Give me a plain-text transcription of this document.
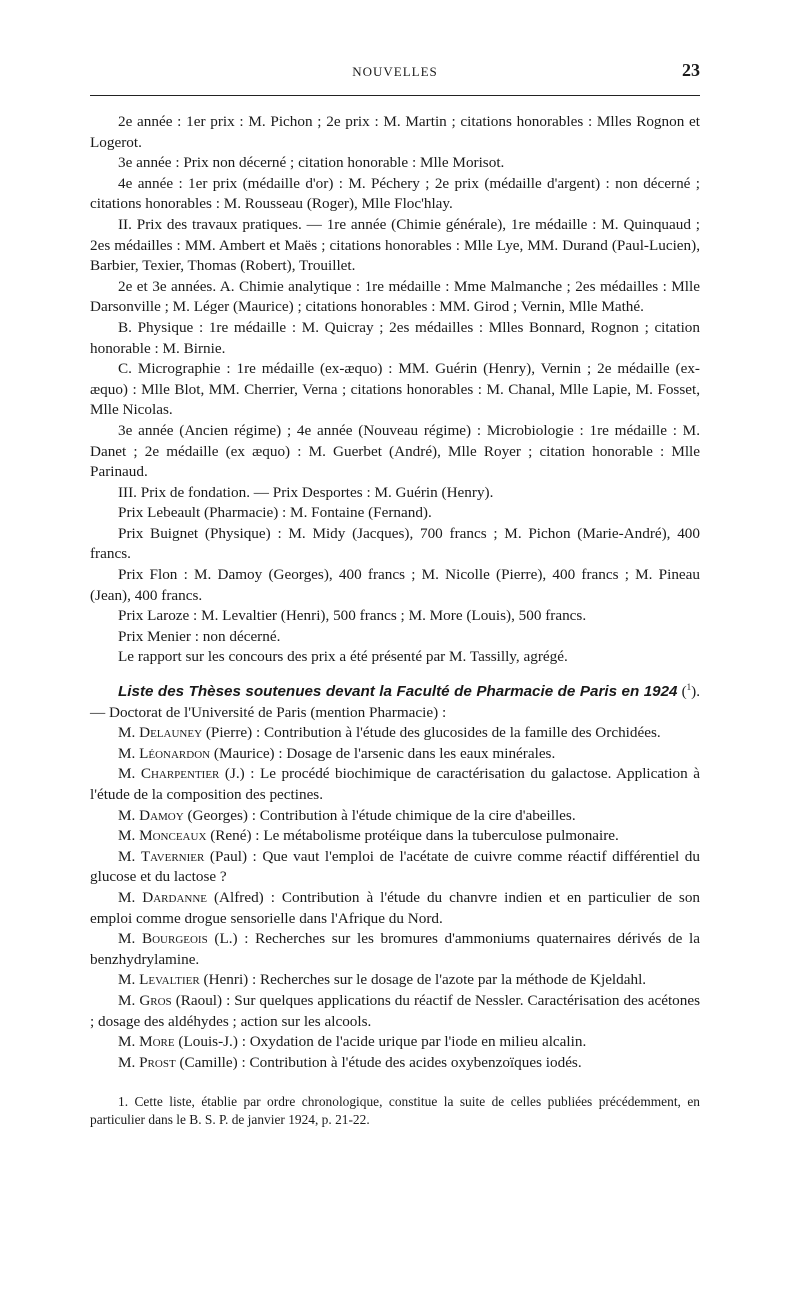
NOUVELLES	23

2e année : 1er prix : M. Pichon ; 2e prix : M. Martin ; citations honorables : Mlles Rognon et Logerot.

3e année : Prix non décerné ; citation honorable : Mlle Morisot.

4e année : 1er prix (médaille d'or) : M. Péchery ; 2e prix (médaille d'argent) : non décerné ; citations honorables : M. Rousseau (Roger), Mlle Floc'hlay.

II. Prix des travaux pratiques. — 1re année (Chimie générale), 1re médaille : M. Quinquaud ; 2es médailles : MM. Ambert et Maës ; citations honorables : Mlle Lye, MM. Durand (Paul-Lucien), Barbier, Texier, Thomas (Robert), Trouillet.

2e et 3e années. A. Chimie analytique : 1re médaille : Mme Malmanche ; 2es médailles : Mlle Darsonville ; M. Léger (Maurice) ; citations honorables : MM. Girod ; Vernin, Mlle Mathé.

B. Physique : 1re médaille : M. Quicray ; 2es médailles : Mlles Bonnard, Rognon ; citation honorable : M. Birnie.

C. Micrographie : 1re médaille (ex-æquo) : MM. Guérin (Henry), Vernin ; 2e médaille (ex-æquo) : Mlle Blot, MM. Cherrier, Verna ; citations honorables : M. Chanal, Mlle Lapie, M. Fosset, Mlle Nicolas.

3e année (Ancien régime) ; 4e année (Nouveau régime) : Microbiologie : 1re médaille : M. Danet ; 2e médaille (ex æquo) : M. Guerbet (André), Mlle Royer ; citation honorable : Mlle Parinaud.

III. Prix de fondation. — Prix Desportes : M. Guérin (Henry).

Prix Lebeault (Pharmacie) : M. Fontaine (Fernand).

Prix Buignet (Physique) : M. Midy (Jacques), 700 francs ; M. Pichon (Marie-André), 400 francs.

Prix Flon : M. Damoy (Georges), 400 francs ; M. Nicolle (Pierre), 400 francs ; M. Pineau (Jean), 400 francs.

Prix Laroze : M. Levaltier (Henri), 500 francs ; M. More (Louis), 500 francs.

Prix Menier : non décerné.

Le rapport sur les concours des prix a été présenté par M. Tassilly, agrégé.

Liste des Thèses soutenues devant la Faculté de Pharmacie de Paris en 1924 ($^1$). — Doctorat de l'Université de Paris (mention Pharmacie) :

M. Delauney (Pierre) : Contribution à l'étude des glucosides de la famille des Orchidées.

M. Léonardon (Maurice) : Dosage de l'arsenic dans les eaux minérales.

M. Charpentier (J.) : Le procédé biochimique de caractérisation du galactose. Application à l'étude de la composition des pectines.

M. Damoy (Georges) : Contribution à l'étude chimique de la cire d'abeilles.

M. Monceaux (René) : Le métabolisme protéique dans la tuberculose pulmonaire.

M. Tavernier (Paul) : Que vaut l'emploi de l'acétate de cuivre comme réactif différentiel du glucose et du lactose ?

M. Dardanne (Alfred) : Contribution à l'étude du chanvre indien et en particulier de son emploi comme drogue sensorielle dans l'Afrique du Nord.

M. Bourgeois (L.) : Recherches sur les bromures d'ammoniums quaternaires dérivés de la benzhydrylamine.

M. Levaltier (Henri) : Recherches sur le dosage de l'azote par la méthode de Kjeldahl.

M. Gros (Raoul) : Sur quelques applications du réactif de Nessler. Caractérisation des acétones ; dosage des aldéhydes ; action sur les alcools.

M. More (Louis-J.) : Oxydation de l'acide urique par l'iode en milieu alcalin.

M. Prost (Camille) : Contribution à l'étude des acides oxybenzoïques iodés.

1. Cette liste, établie par ordre chronologique, constitue la suite de celles publiées précédemment, en particulier dans le B. S. P. de janvier 1924, p. 21-22.
